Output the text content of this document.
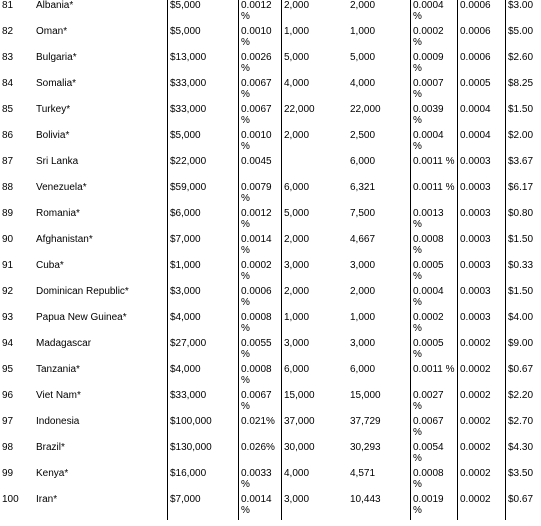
81	Albania*	$5,000	0.0012 %	2,000	2,000	0.0004 %	0.0006	$3.00	
82	Oman*	$5,000	0.0010 %	1,000	1,000	0.0002 %	0.0006	$5.00	
83	Bulgaria*	$13,000	0.0026 %	5,000	5,000	0.0009 %	0.0006	$2.60	
84	Somalia*	$33,000	0.0067 %	4,000	4,000	0.0007 %	0.0005	$8.25	
85	Turkey*	$33,000	0.0067 %	22,000	22,000	0.0039 %	0.0004	$1.50	
86	Bolivia*	$5,000	0.0010 %	2,000	2,500	0.0004 %	0.0004	$2.00	
87	Sri Lanka	$22,000	0.0045		6,000	0.0011 %	0.0003	$3.67	
88	Venezuela*	$59,000	0.0079 %	6,000	6,321	0.0011 %	0.0003	$6.17	
89	Romania*	$6,000	0.0012 %	5,000	7,500	0.0013 %	0.0003	$0.80	
90	Afghanistan*	$7,000	0.0014 %	2,000	4,667	0.0008 %	0.0003	$1.50	
91	Cuba*	$1,000	0.0002 %	3,000	3,000	0.0005 %	0.0003	$0.33	
92	Dominican Republic*	$3,000	0.0006 %	2,000	2,000	0.0004 %	0.0003	$1.50	
93	Papua New Guinea*	$4,000	0.0008 %	1,000	1,000	0.0002 %	0.0003	$4.00	
94	Madagascar	$27,000	0.0055 %	3,000	3,000	0.0005 %	0.0002	$9.00	
95	Tanzania*	$4,000	0.0008 %	6,000	6,000	0.0011 %	0.0002	$0.67	
96	Viet Nam*	$33,000	0.0067 %	15,000	15,000	0.0027 %	0.0002	$2.20	
97	Indonesia	$100,000	0.021%	37,000	37,729	0.0067 %	0.0002	$2.70	
98	Brazil*	$130,000	0.026%	30,000	30,293	0.0054 %	0.0002	$4.30	
99	Kenya*	$16,000	0.0033 %	4,000	4,571	0.0008 %	0.0002	$3.50	
100	Iran*	$7,000	0.0014 %	3,000	10,443	0.0019 %	0.0002	$0.67	
